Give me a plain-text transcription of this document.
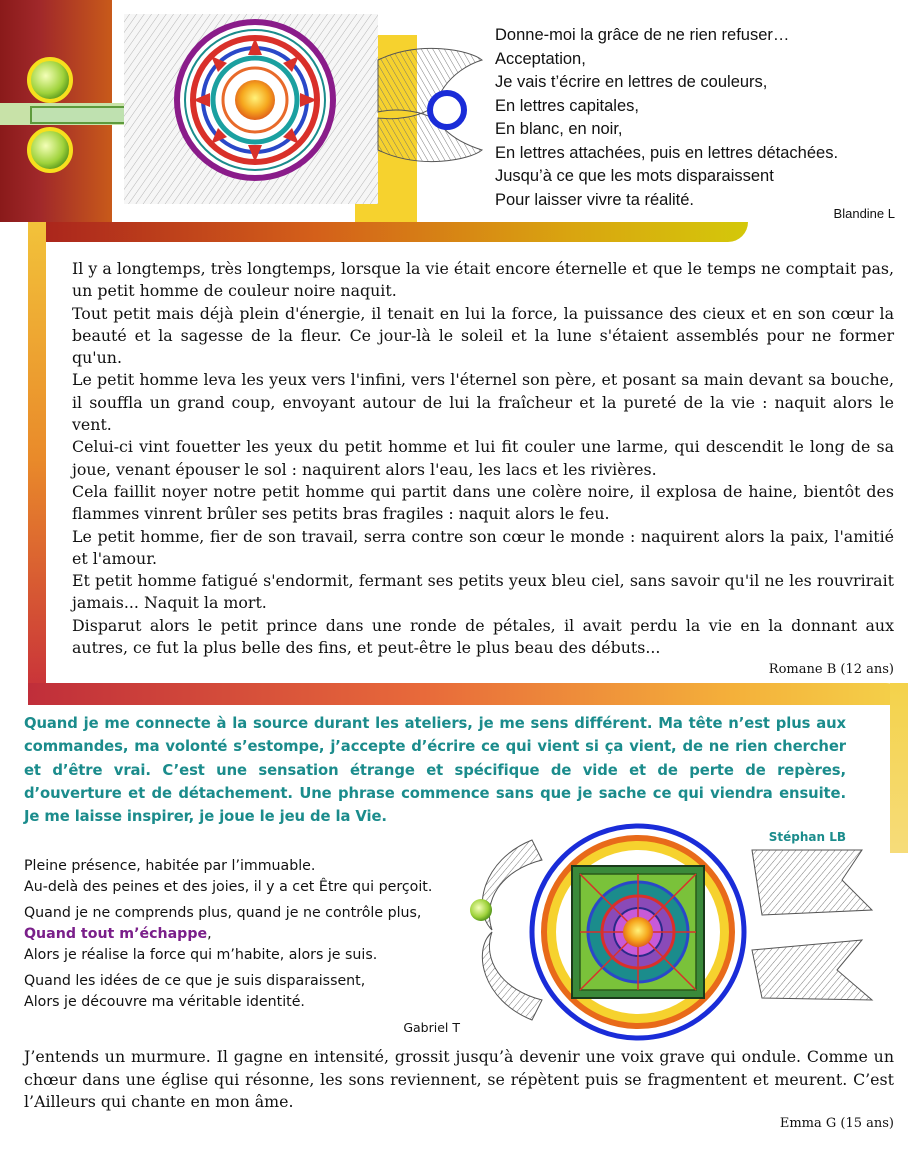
Donne-moi la grâce de ne rien refuser…
Acceptation,
Je vais t’écrire en lettres de couleurs,
En lettres capitales,
En blanc, en noir,
En lettres attachées, puis en lettres détachées.
Jusqu’à ce que les mots disparaissent
Pour laisser vivre ta réalité.
Blandine L

Il y a longtemps, très longtemps, lorsque la vie était encore éternelle et que le temps ne comptait pas, un petit homme de couleur noire naquit.

Tout petit mais déjà plein d'énergie, il tenait en lui la force, la puissance des cieux et en son cœur la beauté et la sagesse de la fleur. Ce jour-là le soleil et la lune s'étaient assemblés pour ne former qu'un.

Le petit homme leva les yeux vers l'infini, vers l'éternel son père, et posant sa main devant sa bouche, il souffla un grand coup, envoyant autour de lui la fraîcheur et la pureté de la vie : naquit alors le vent.

Celui-ci vint fouetter les yeux du petit homme et lui fit couler une larme, qui descendit le long de sa joue, venant épouser le sol : naquirent alors l'eau, les lacs et les rivières.

Cela faillit noyer notre petit homme qui partit dans une colère noire, il explosa de haine, bientôt des flammes vinrent brûler ses petits bras fragiles : naquit alors le feu.

Le petit homme, fier de son travail, serra contre son cœur le monde : naquirent alors la paix, l'amitié et l'amour.

Et petit homme fatigué s'endormit, fermant ses petits yeux bleu ciel, sans savoir qu'il ne les rouvrirait jamais... Naquit la mort.

Disparut alors le petit prince dans une ronde de pétales, il avait perdu la vie en la donnant aux autres, ce fut la plus belle des fins, et peut-être le plus beau des débuts...

Romane B (12 ans)
Quand je me connecte à la source durant les ateliers, je me sens différent. Ma tête n’est plus aux commandes, ma volonté s’estompe, j’accepte d’écrire ce qui vient si ça vient, de ne rien chercher et d’être vrai. C’est une sensation étrange et spécifique de vide et de perte de repères, d’ouverture et de détachement. Une phrase commence sans que je sache ce qui viendra ensuite. Je me laisse inspirer, je joue le jeu de la Vie.
Stéphan LB
Pleine présence, habitée par l’immuable.
Au-delà des peines et des joies, il y a cet Être qui perçoit.
Quand je ne comprends plus, quand je ne contrôle plus,
Quand tout m’échappe,
Alors je réalise la force qui m’habite, alors je suis.
Quand les idées de ce que je suis disparaissent,
Alors je découvre ma véritable identité.
Gabriel T

J’entends un murmure. Il gagne en intensité, grossit jusqu’à devenir une voix grave qui ondule. Comme un chœur dans une église qui résonne, les sons reviennent, se répètent puis se fragmentent et meurent. C’est l’Ailleurs qui chante en mon âme.

Emma G (15 ans)
